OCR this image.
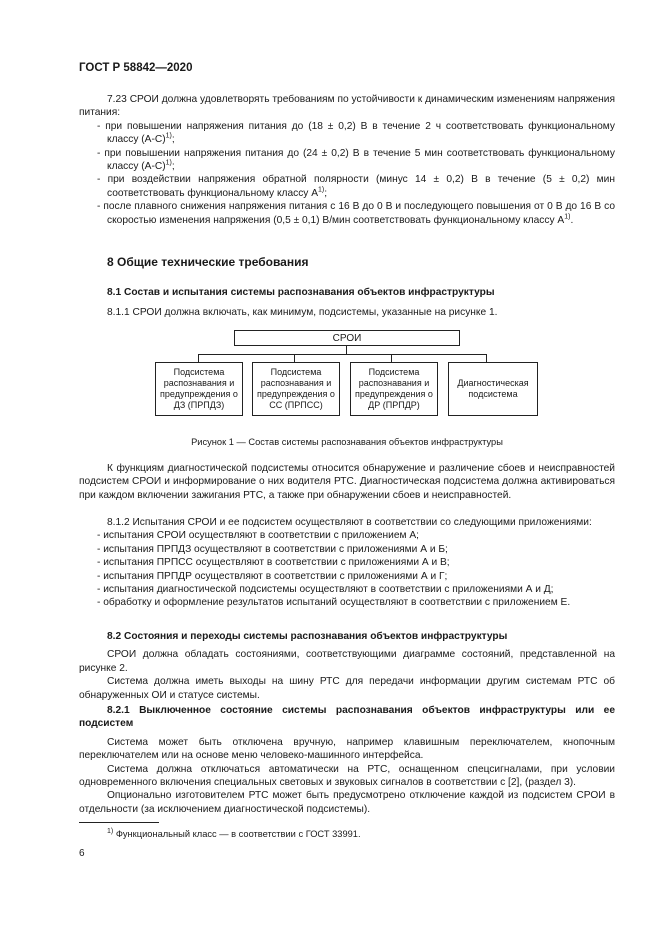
ГОСТ Р 58842—2020

7.23 СРОИ должна удовлетворять требованиям по устойчивости к динамическим изменениям напряжения питания:

- при повышении напряжения питания до (18 ± 0,2) В в течение 2 ч соответствовать функциональному классу $(A-C)^{1)}$;

- при повышении напряжения питания до (24 ± 0,2) В в течение 5 мин соответствовать функциональному классу $(A-C)^{1)}$;

- при воздействии напряжения обратной полярности (минус 14 ± 0,2) В в течение (5 ± 0,2) мин соответствовать функциональному классу $А^{1)}$;

- после плавного снижения напряжения питания с 16 В до 0 В и последующего повышения от 0 В до 16 В со скоростью изменения напряжения (0,5 ± 0,1) В/мин соответствовать функциональному классу $А^{1)}$.

8 Общие технические требования

8.1 Состав и испытания системы распознавания объектов инфраструктуры

8.1.1 СРОИ должна включать, как минимум, подсистемы, указанные на рисунке 1.

СРОИ
Подсистема распознавания и предупреждения о ДЗ (ПРПДЗ)
Подсистема распознавания и предупреждения о СС (ПРПСС)
Подсистема распознавания и предупреждения о ДР (ПРПДР)
Диагностическая подсистема
Рисунок 1 — Состав системы распознавания объектов инфраструктуры

К функциям диагностической подсистемы относится обнаружение и различение сбоев и неисправностей подсистем СРОИ и информирование о них водителя РТС. Диагностическая подсистема должна активироваться при каждом включении зажигания РТС, а также при обнаружении сбоев и неисправностей.

8.1.2 Испытания СРОИ и ее подсистем осуществляют в соответствии со следующими приложениями:

- испытания СРОИ осуществляют в соответствии с приложением А;

- испытания ПРПДЗ осуществляют в соответствии с приложениями А и Б;

- испытания ПРПСС осуществляют в соответствии с приложениями А и В;

- испытания ПРПДР осуществляют в соответствии с приложениями А и Г;

- испытания диагностической подсистемы осуществляют в соответствии с приложениями А и Д;

- обработку и оформление результатов испытаний осуществляют в соответствии с приложением Е.

8.2 Состояния и переходы системы распознавания объектов инфраструктуры

СРОИ должна обладать состояниями, соответствующими диаграмме состояний, представленной на рисунке 2.

Система должна иметь выходы на шину РТС для передачи информации другим системам РТС об обнаруженных ОИ и статусе системы.

8.2.1 Выключенное состояние системы распознавания объектов инфраструктуры или ее подсистем

Система может быть отключена вручную, например клавишным переключателем, кнопочным переключателем или на основе меню человеко-машинного интерфейса.

Система должна отключаться автоматически на РТС, оснащенном спецсигналами, при условии одновременного включения специальных световых и звуковых сигналов в соответствии с [2], (раздел 3).

Опционально изготовителем РТС может быть предусмотрено отключение каждой из подсистем СРОИ в отдельности (за исключением диагностической подсистемы).

$^{1)}$ Функциональный класс — в соответствии с ГОСТ 33991.
6
